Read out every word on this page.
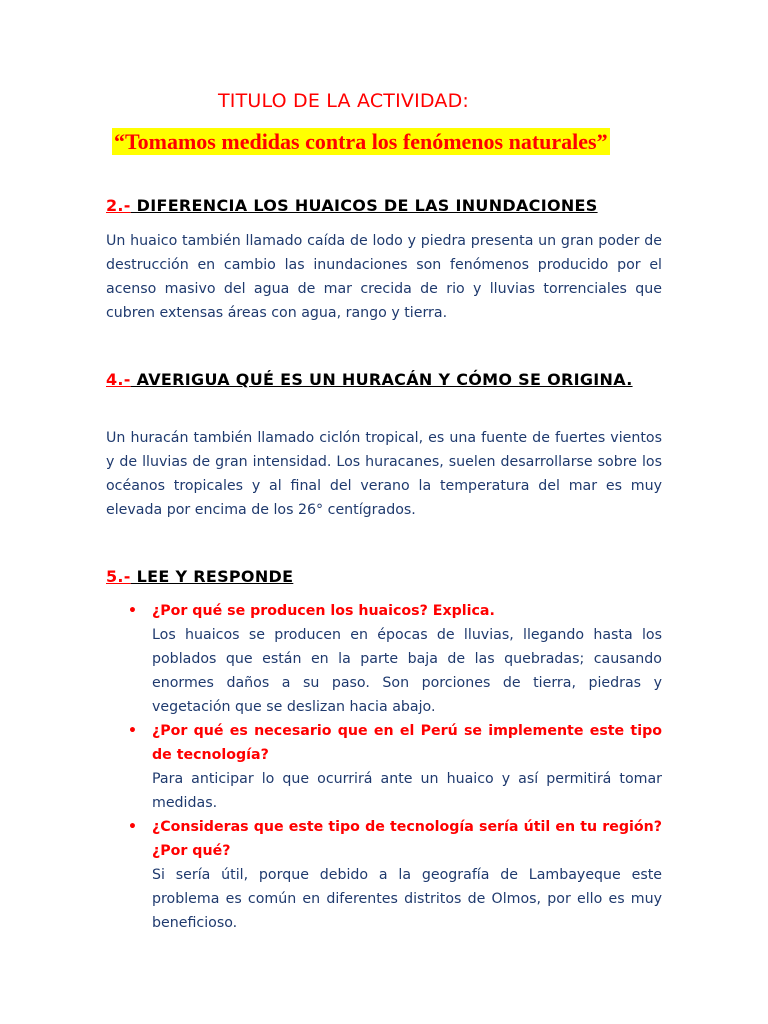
TITULO DE LA ACTIVIDAD:
“Tomamos medidas contra los fenómenos naturales”
2.- DIFERENCIA LOS HUAICOS DE LAS INUNDACIONES
Un huaico también llamado caída de lodo y piedra presenta un gran poder de destrucción en cambio las inundaciones son fenómenos producido por el acenso masivo del agua de mar crecida de rio y lluvias torrenciales que cubren extensas áreas con agua, rango y tierra.
4.- AVERIGUA QUÉ ES UN HURACÁN Y CÓMO SE ORIGINA.
Un huracán también llamado ciclón tropical, es una fuente de fuertes vientos y de lluvias de gran intensidad. Los huracanes, suelen desarrollarse sobre los océanos tropicales y al final del verano la temperatura del mar es muy elevada por encima de los 26° centígrados.
5.- LEE Y RESPONDE
• ¿Por qué se producen los huaicos? Explica.
Los huaicos se producen en épocas de lluvias, llegando hasta los poblados que están en la parte baja de las quebradas; causando enormes daños a su paso. Son porciones de tierra, piedras y vegetación que se deslizan hacia abajo.
• ¿Por qué es necesario que en el Perú se implemente este tipo de tecnología?
Para anticipar lo que ocurrirá ante un huaico y así permitirá tomar medidas.
• ¿Consideras que este tipo de tecnología sería útil en tu región? ¿Por qué?
Si sería útil, porque debido a la geografía de Lambayeque este problema es común en diferentes distritos de Olmos, por ello es muy beneficioso.
